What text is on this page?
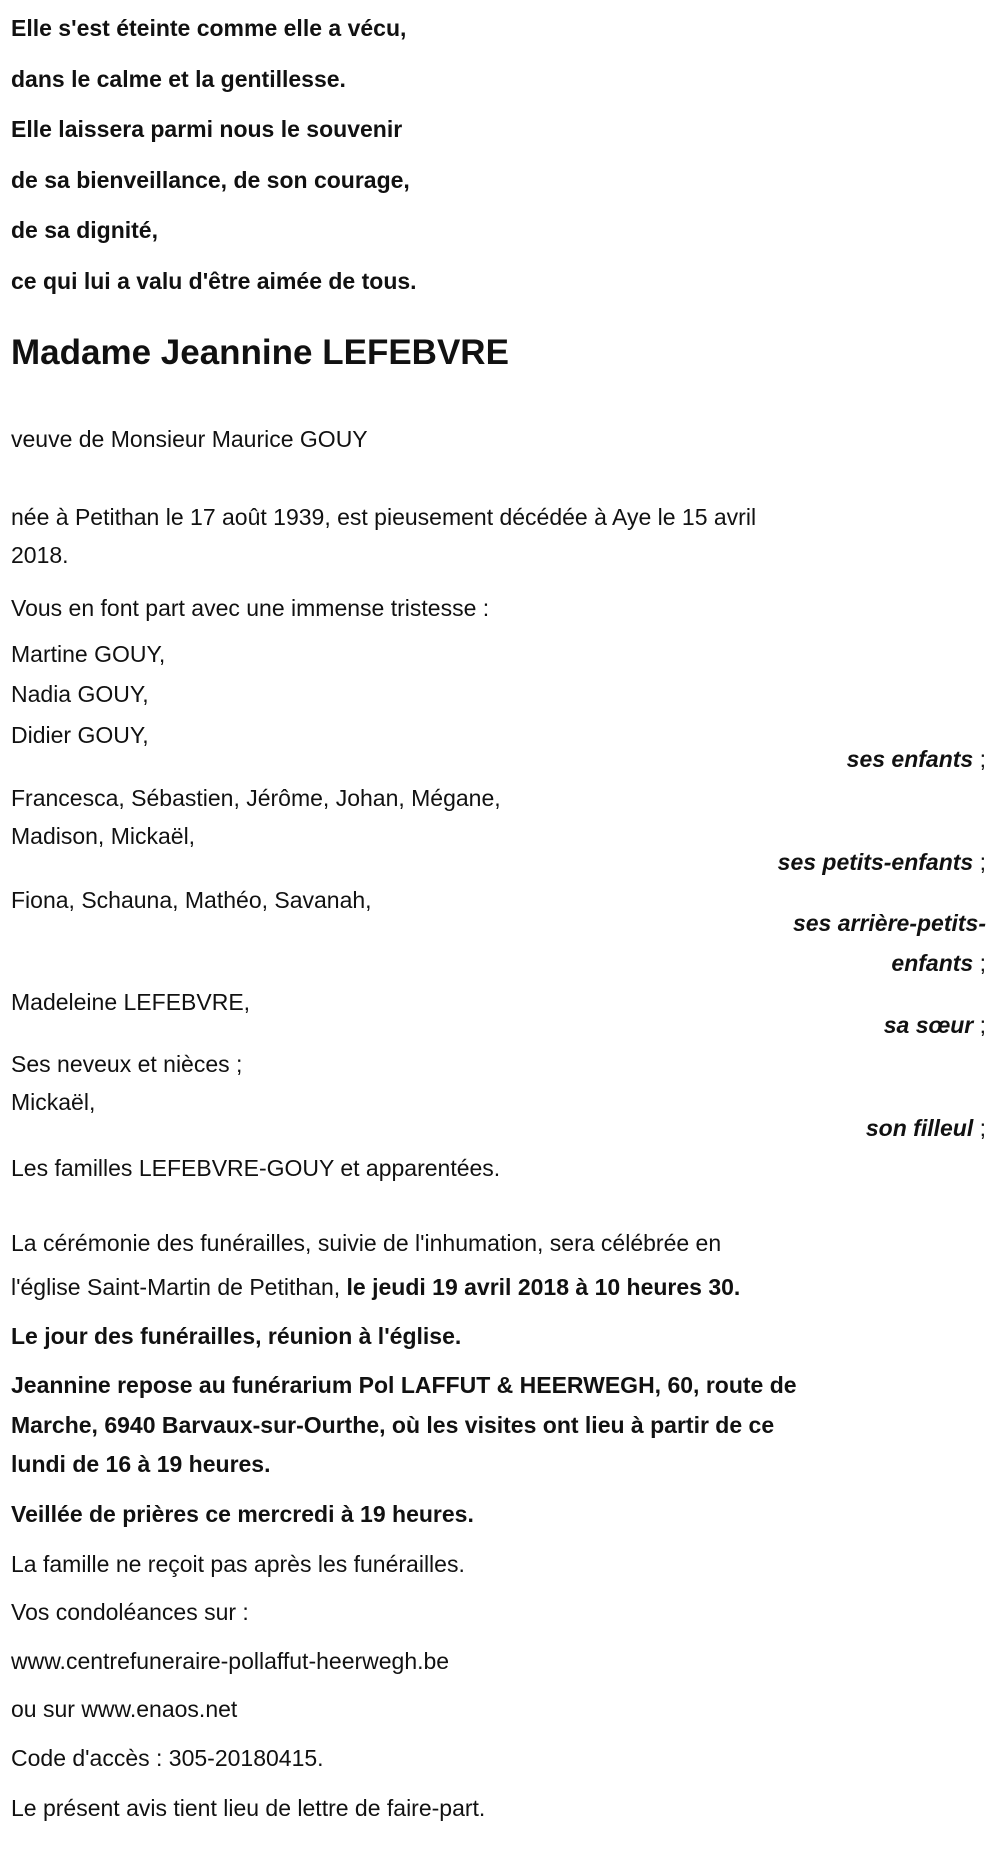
Elle s'est éteinte comme elle a vécu,
dans le calme et la gentillesse.
Elle laissera parmi nous le souvenir
de sa bienveillance, de son courage,
de sa dignité,
ce qui lui a valu d'être aimée de tous.
Madame Jeannine LEFEBVRE
veuve de Monsieur Maurice GOUY
née à Petithan le 17 août 1939, est pieusement décédée à Aye le 15 avril
2018.
Vous en font part avec une immense tristesse :
Martine GOUY,
Nadia GOUY,
Didier GOUY,
ses enfants ;
Francesca, Sébastien, Jérôme, Johan, Mégane,
Madison, Mickaël,
ses petits-enfants ;
Fiona, Schauna, Mathéo, Savanah,
ses arrière-petits-
enfants ;
Madeleine LEFEBVRE,
sa sœur ;
Ses neveux et nièces ;
Mickaël,
son filleul ;
Les familles LEFEBVRE-GOUY et apparentées.
La cérémonie des funérailles, suivie de l'inhumation, sera célébrée en
l'église Saint-Martin de Petithan, le jeudi 19 avril 2018 à 10 heures 30.
Le jour des funérailles, réunion à l'église.
Jeannine repose au funérarium Pol LAFFUT & HEERWEGH, 60, route de
Marche, 6940 Barvaux-sur-Ourthe, où les visites ont lieu à partir de ce
lundi de 16 à 19 heures.
Veillée de prières ce mercredi à 19 heures.
La famille ne reçoit pas après les funérailles.
Vos condoléances sur :
www.centrefuneraire-pollaffut-heerwegh.be
ou sur www.enaos.net
Code d'accès : 305-20180415.
Le présent avis tient lieu de lettre de faire-part.
